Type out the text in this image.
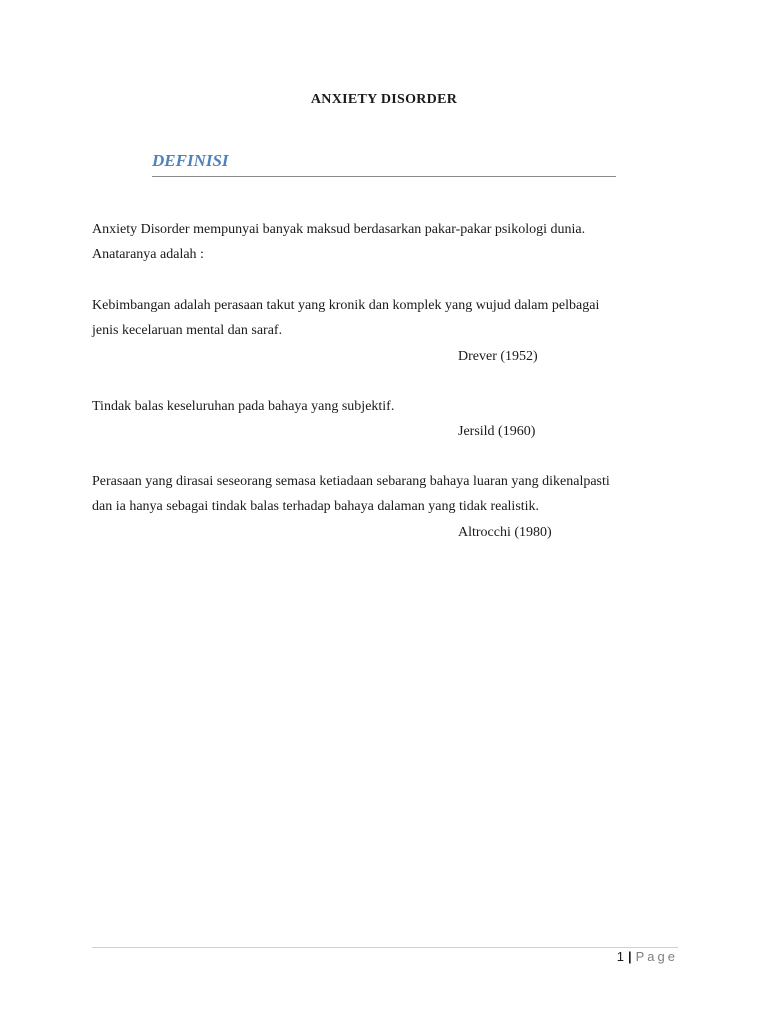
ANXIETY DISORDER
DEFINISI

Anxiety Disorder mempunyai banyak maksud berdasarkan pakar-pakar psikologi dunia.
Anataranya adalah :

Kebimbangan adalah perasaan takut yang kronik dan komplek yang wujud dalam pelbagai
jenis kecelaruan mental dan saraf.

Drever (1952)

Tindak balas keseluruhan pada bahaya yang subjektif.

Jersild (1960)

Perasaan yang dirasai seseorang semasa ketiadaan sebarang bahaya luaran yang dikenalpasti
dan ia hanya sebagai tindak balas terhadap bahaya dalaman yang tidak realistik.

Altrocchi (1980)
1 | Page
